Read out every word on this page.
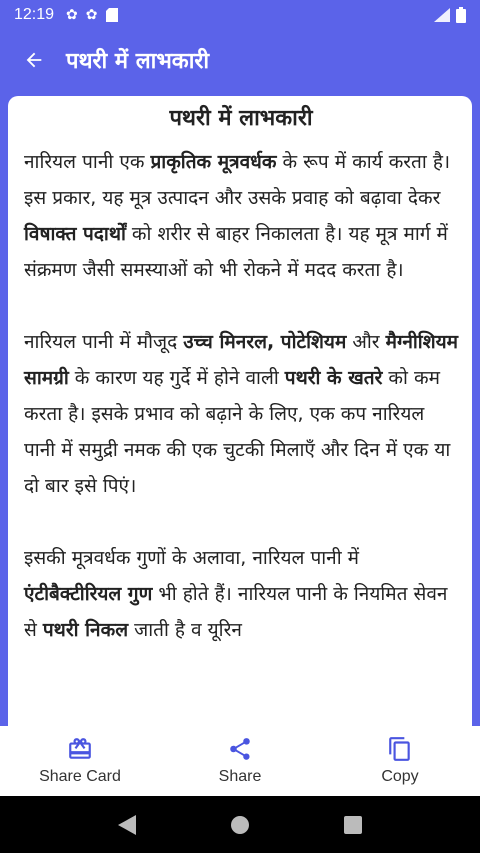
12:19 ✿ ✿
पथरी में लाभकारी
पथरी में लाभकारी

नारियल पानी एक प्राकृतिक मूत्रवर्धक के रूप में कार्य करता है। इस प्रकार, यह मूत्र उत्पादन और उसके प्रवाह को बढ़ावा देकर विषाक्त पदार्थों को शरीर से बाहर निकालता है। यह मूत्र मार्ग में संक्रमण जैसी समस्याओं को भी रोकने में मदद करता है।

नारियल पानी में मौजूद उच्च मिनरल, पोटेशियम और मैग्नीशियम सामग्री के कारण यह गुर्दे में होने वाली पथरी के खतरे को कम करता है। इसके प्रभाव को बढ़ाने के लिए, एक कप नारियल पानी में समुद्री नमक की एक चुटकी मिलाएँ और दिन में एक या दो बार इसे पिएं।

इसकी मूत्रवर्धक गुणों के अलावा, नारियल पानी में एंटीबैक्टीरियल गुण भी होते हैं। नारियल पानी के नियमित सेवन से पथरी निकल जाती है व यूरिन

Share Card	Share	Copy
